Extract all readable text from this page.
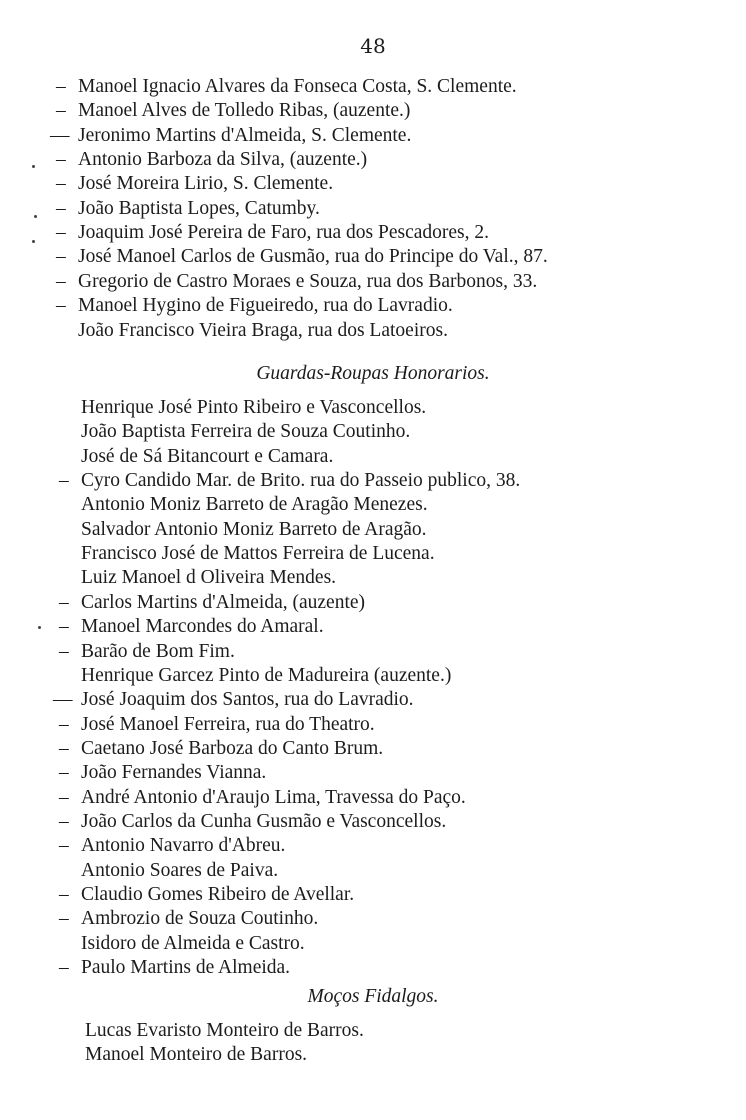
48
– Manoel Ignacio Alvares da Fonseca Costa, S. Clemente.
– Manoel Alves de Tolledo Ribas, (auzente.)
— Jeronimo Martins d'Almeida, S. Clemente.
– Antonio Barboza da Silva, (auzente.)
– José Moreira Lirio, S. Clemente.
– João Baptista Lopes, Catumby.
– Joaquim José Pereira de Faro, rua dos Pescadores, 2.
– José Manoel Carlos de Gusmão, rua do Principe do Val., 87.
– Gregorio de Castro Moraes e Souza, rua dos Barbonos, 33.
– Manoel Hygino de Figueiredo, rua do Lavradio.
João Francisco Vieira Braga, rua dos Latoeiros.
Guardas-Roupas Honorarios.
Henrique José Pinto Ribeiro e Vasconcellos.
João Baptista Ferreira de Souza Coutinho.
José de Sá Bitancourt e Camara.
– Cyro Candido Mar. de Brito. rua do Passeio publico, 38.
Antonio Moniz Barreto de Aragão Menezes.
Salvador Antonio Moniz Barreto de Aragão.
Francisco José de Mattos Ferreira de Lucena.
Luiz Manoel d Oliveira Mendes.
– Carlos Martins d'Almeida, (auzente)
– Manoel Marcondes do Amaral.
– Barão de Bom Fim.
Henrique Garcez Pinto de Madureira (auzente.)
— José Joaquim dos Santos, rua do Lavradio.
– José Manoel Ferreira, rua do Theatro.
– Caetano José Barboza do Canto Brum.
– João Fernandes Vianna.
– André Antonio d'Araujo Lima, Travessa do Paço.
– João Carlos da Cunha Gusmão e Vasconcellos.
– Antonio Navarro d'Abreu.
Antonio Soares de Paiva.
– Claudio Gomes Ribeiro de Avellar.
– Ambrozio de Souza Coutinho.
Isidoro de Almeida e Castro.
– Paulo Martins de Almeida.
Moços Fidalgos.
Lucas Evaristo Monteiro de Barros.
Manoel Monteiro de Barros.
